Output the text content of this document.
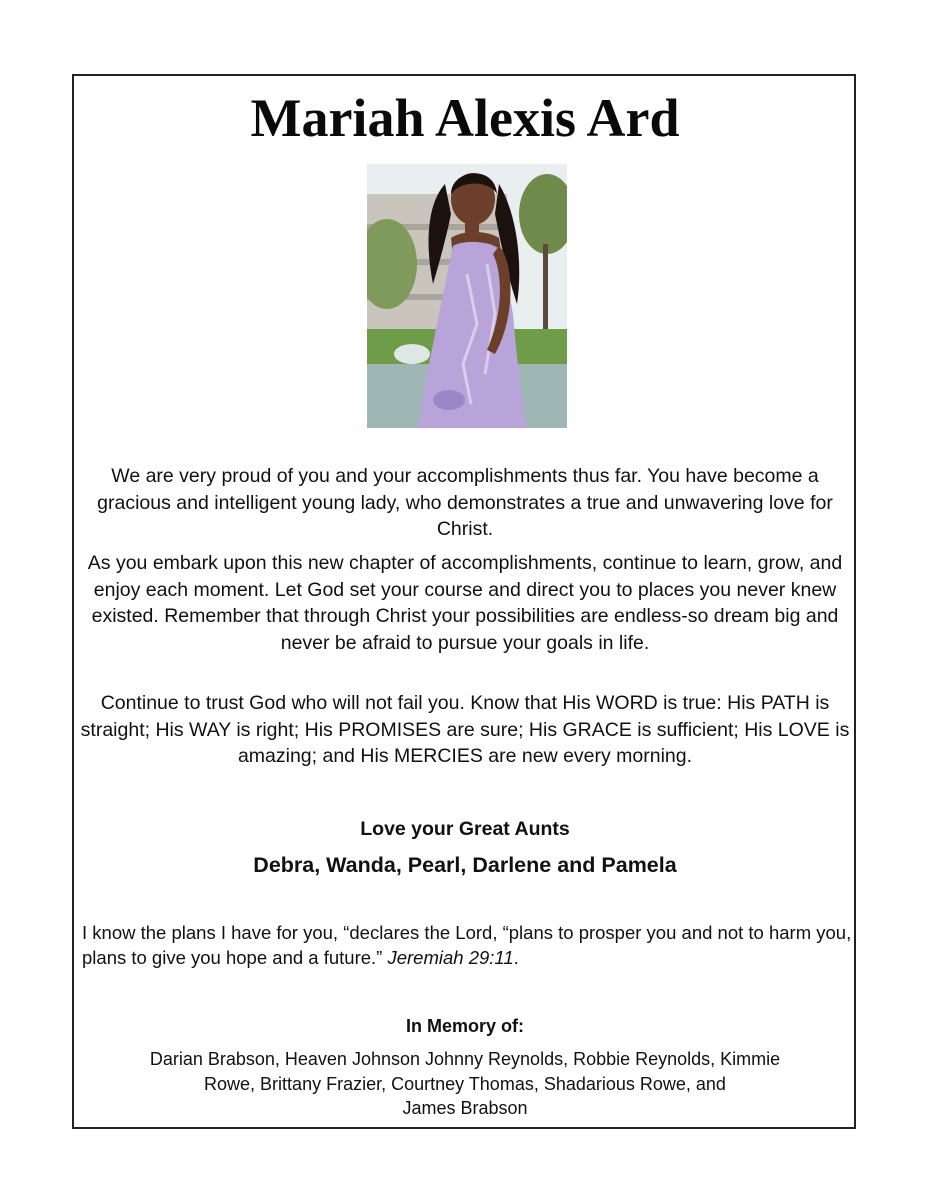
Mariah Alexis Ard

We are very proud of you and your accomplishments thus far. You have become a gracious and intelligent young lady, who demonstrates a true and unwavering love for Christ.

As you embark upon this new chapter of accomplishments, continue to learn, grow, and enjoy each moment. Let God set your course and direct you to places you never knew existed. Remember that through Christ your possibilities are endless-so dream big and never be afraid to pursue your goals in life.

Continue to trust God who will not fail you. Know that His WORD is true: His PATH is straight; His WAY is right; His PROMISES are sure; His GRACE is sufficient; His LOVE is amazing; and His MERCIES are new every morning.

Love your Great Aunts

Debra, Wanda, Pearl, Darlene and Pamela

I know the plans I have for you, “declares the Lord, “plans to prosper you and not to harm you, plans to give you hope and a future.” Jeremiah 29:11.

In Memory of:

Darian Brabson, Heaven Johnson Johnny Reynolds, Robbie Reynolds, Kimmie
Rowe, Brittany Frazier, Courtney Thomas, Shadarious Rowe, and
James Brabson
